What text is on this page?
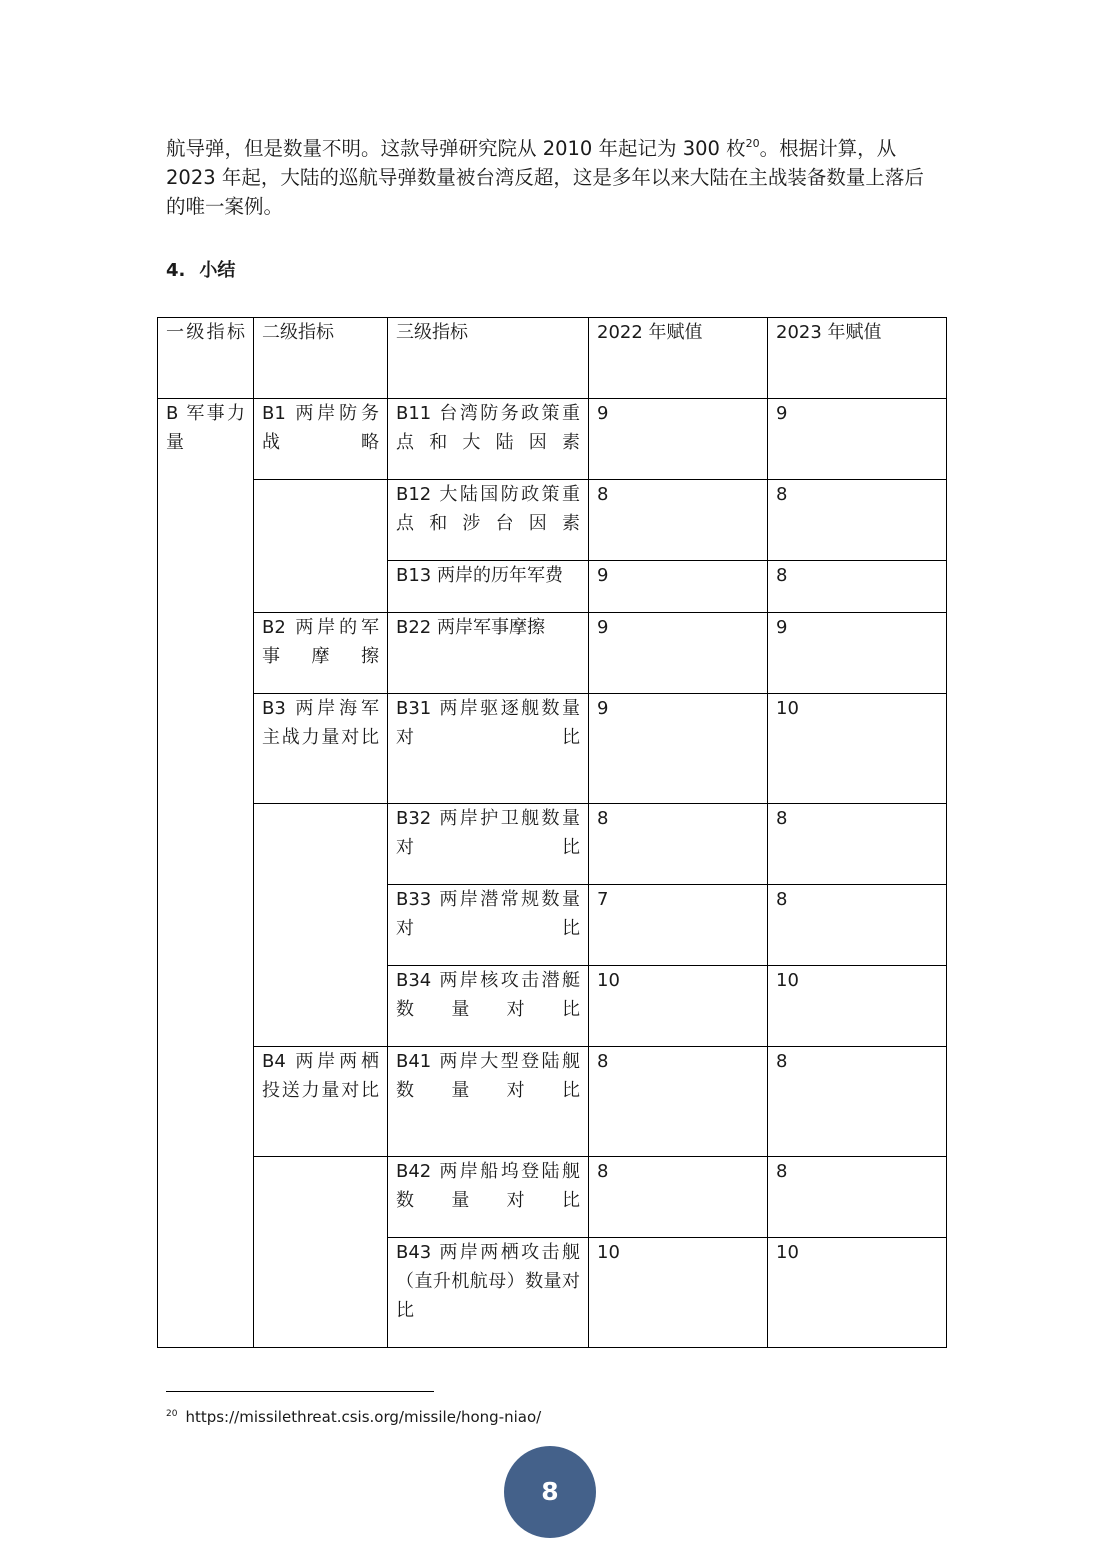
航导弹，但是数量不明。这款导弹研究院从 2010 年起记为 300 枚$^{20}$。根据计算，从 2023 年起，大陆的巡航导弹数量被台湾反超，这是多年以来大陆在主战装备数量上落后的唯一案例。

4. 小结
一级指标	二级指标	三级指标	2022 年赋值	2023 年赋值

B 军事力量	B1 两岸防务战略	B11 台湾防务政策重点和大陆因素	9	9

		B12 大陆国防政策重点和涉台因素	8	8
		B13 两岸的历年军费	9	8

	B2 两岸的军事摩擦	B22 两岸军事摩擦	9	9

	B3 两岸海军主战力量对比	B31 两岸驱逐舰数量对比	9	10

		B32 两岸护卫舰数量对比	8	8

		B33 两岸潜常规数量对比	7	8

		B34 两岸核攻击潜艇数量对比	10	10

	B4 两岸两栖投送力量对比	B41 两岸大型登陆舰数量对比	8	8

		B42 两岸船坞登陆舰数量对比	8	8

		B43 两岸两栖攻击舰（直升机航母）数量对比	10	10

$^{20}$ https://missilethreat.csis.org/missile/hong-niao/

8
